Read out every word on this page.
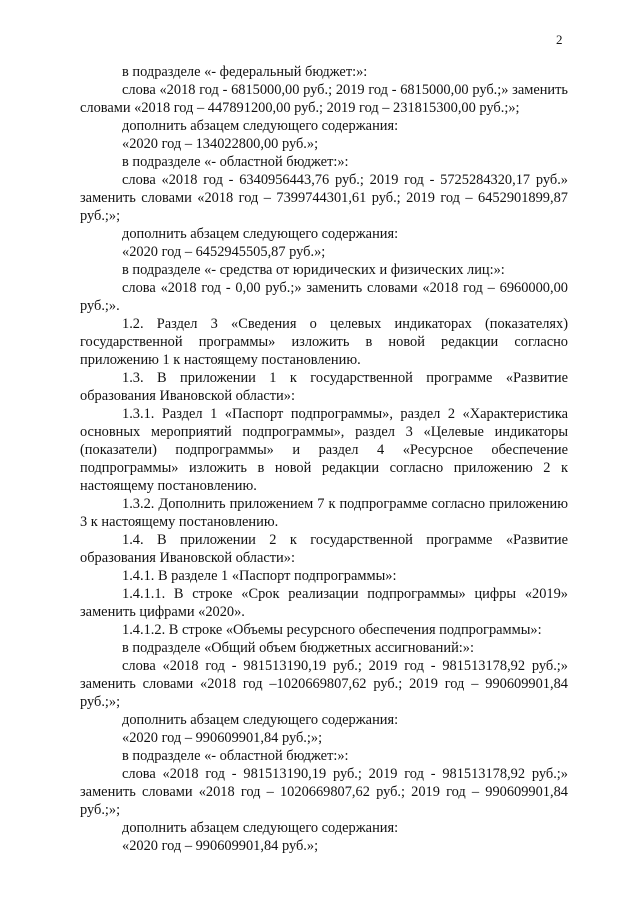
2

в подразделе «- федеральный бюджет:»:

слова «2018 год - 6815000,00 руб.; 2019 год - 6815000,00 руб.;» заменить словами «2018 год – 447891200,00 руб.; 2019 год – 231815300,00 руб.;»;

дополнить абзацем следующего содержания:

«2020 год – 134022800,00 руб.»;

в подразделе «- областной бюджет:»:

слова «2018 год - 6340956443,76 руб.; 2019 год - 5725284320,17 руб.» заменить словами «2018 год – 7399744301,61 руб.; 2019 год – 6452901899,87 руб.;»;

дополнить абзацем следующего содержания:

«2020 год – 6452945505,87 руб.»;

в подразделе «- средства от юридических и физических лиц:»:

слова «2018 год - 0,00 руб.;» заменить словами «2018 год – 6960000,00 руб.;».

1.2. Раздел 3 «Сведения о целевых индикаторах (показателях) государственной программы» изложить в новой редакции согласно приложению 1 к настоящему постановлению.

1.3. В приложении 1 к государственной программе «Развитие образования Ивановской области»:

1.3.1. Раздел 1 «Паспорт подпрограммы», раздел 2 «Характеристика основных мероприятий подпрограммы», раздел 3 «Целевые индикаторы (показатели) подпрограммы» и раздел 4 «Ресурсное обеспечение подпрограммы» изложить в новой редакции согласно приложению 2 к настоящему постановлению.

1.3.2. Дополнить приложением 7 к подпрограмме согласно приложению 3 к настоящему постановлению.

1.4. В приложении 2 к государственной программе «Развитие образования Ивановской области»:

1.4.1. В разделе 1 «Паспорт подпрограммы»:

1.4.1.1. В строке «Срок реализации подпрограммы» цифры «2019» заменить цифрами «2020».

1.4.1.2. В строке «Объемы ресурсного обеспечения подпрограммы»:

в подразделе «Общий объем бюджетных ассигнований:»:

слова «2018 год - 981513190,19 руб.; 2019 год - 981513178,92 руб.;» заменить словами «2018 год –1020669807,62 руб.; 2019 год – 990609901,84 руб.;»;

дополнить абзацем следующего содержания:

«2020 год – 990609901,84 руб.;»;

в подразделе «- областной бюджет:»:

слова «2018 год - 981513190,19 руб.; 2019 год - 981513178,92 руб.;» заменить словами «2018 год – 1020669807,62 руб.; 2019 год – 990609901,84 руб.;»;

дополнить абзацем следующего содержания:

«2020 год – 990609901,84 руб.»;
